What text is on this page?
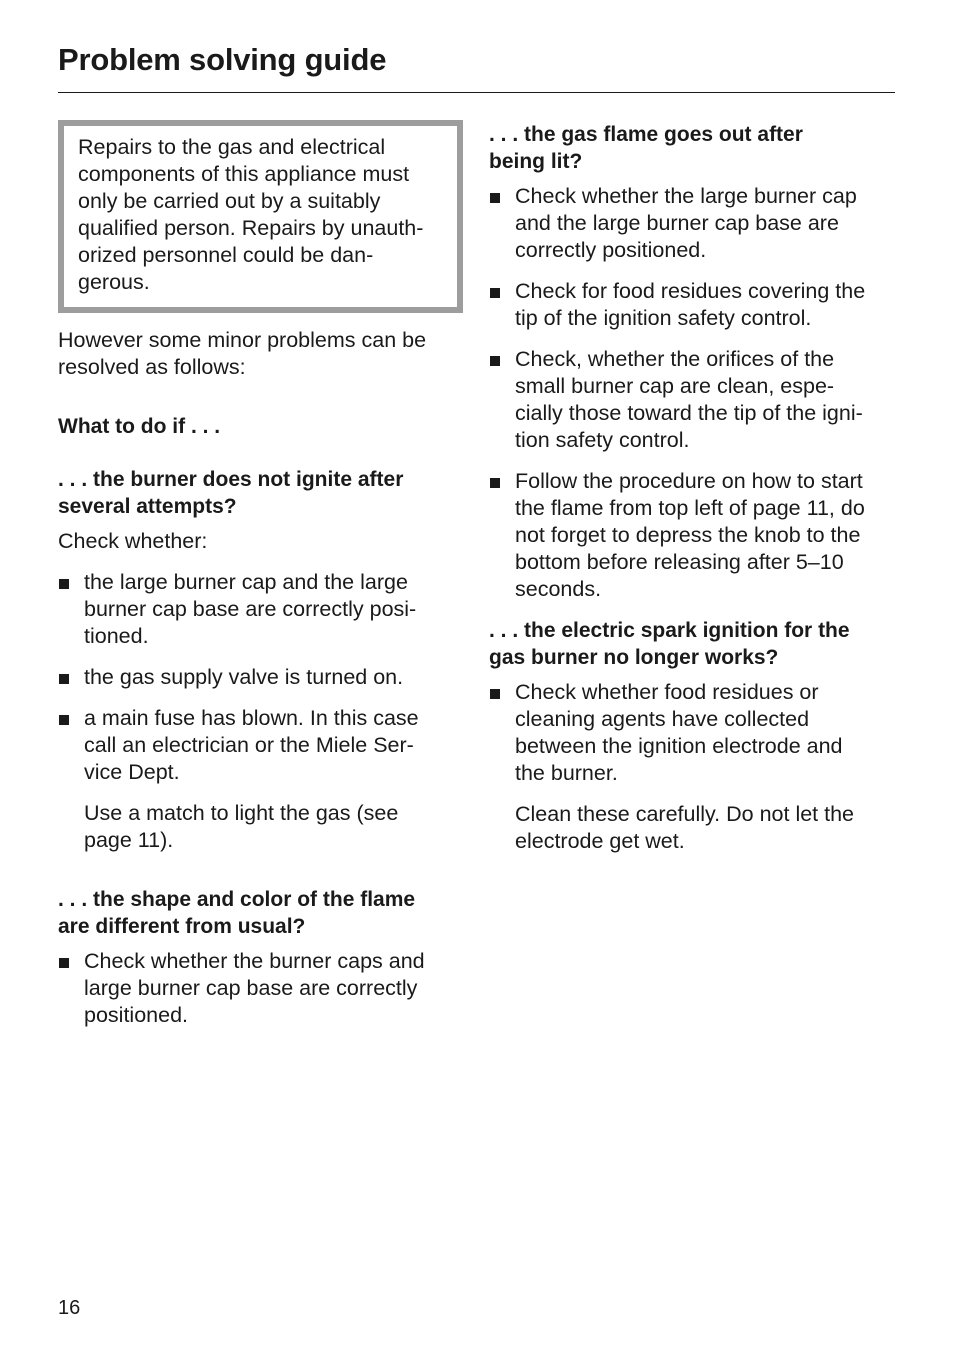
Problem solving guide

Repairs to the gas and electrical
components of this appliance must
only be carried out by a suitably
qualified person. Repairs by unauth-
orized personnel could be dan-
gerous.

However some minor problems can be
resolved as follows:

What to do if . . .

. . . the burner does not ignite after
several attempts?

Check whether:

the large burner cap and the large
burner cap base are correctly posi-
tioned.
the gas supply valve is turned on.
a main fuse has blown. In this case
call an electrician or the Miele Ser-
vice Dept.

Use a match to light the gas (see
page 11).

. . . the shape and color of the flame
are different from usual?

Check whether the burner caps and
large burner cap base are correctly
positioned.

. . . the gas flame goes out after
being lit?

Check whether the large burner cap
and the large burner cap base are
correctly positioned.
Check for food residues covering the
tip of the ignition safety control.
Check, whether the orifices of the
small burner cap are clean, espe-
cially those toward the tip of the igni-
tion safety control.
Follow the procedure on how to start
the flame from top left of page 11, do
not forget to depress the knob to the
bottom before releasing after 5–10
seconds.

. . . the electric spark ignition for the
gas burner no longer works?

Check whether food residues or
cleaning agents have collected
between the ignition electrode and
the burner.

Clean these carefully. Do not let the
electrode get wet.

16
